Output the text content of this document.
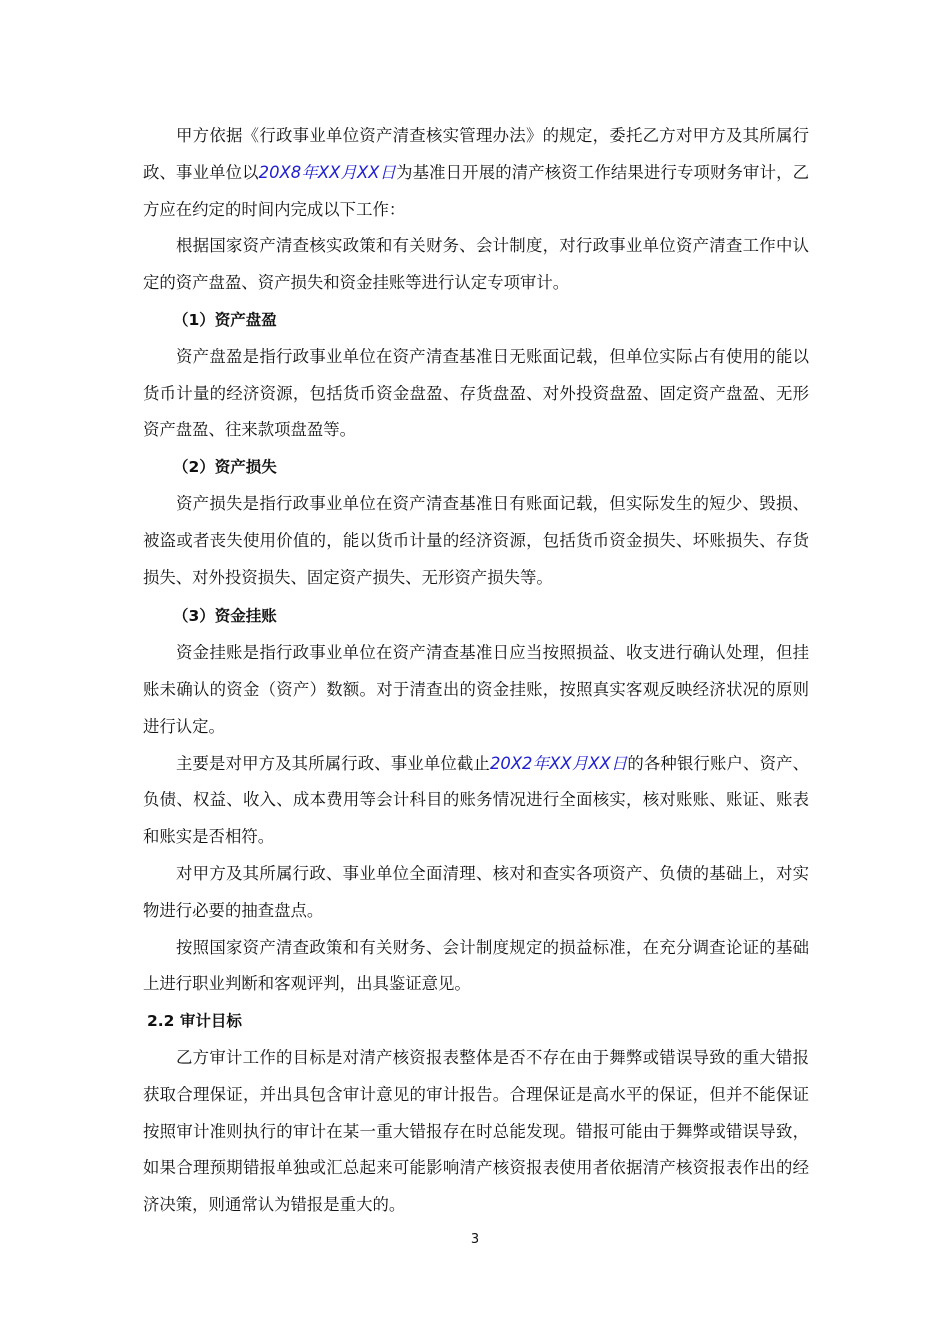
甲方依据《行政事业单位资产清查核实管理办法》的规定，委托乙方对甲方及其所属行政、事业单位以20X8年XX月XX日为基准日开展的清产核资工作结果进行专项财务审计，乙方应在约定的时间内完成以下工作：

根据国家资产清查核实政策和有关财务、会计制度，对行政事业单位资产清查工作中认定的资产盘盈、资产损失和资金挂账等进行认定专项审计。

（1）资产盘盈

资产盘盈是指行政事业单位在资产清查基准日无账面记载，但单位实际占有使用的能以货币计量的经济资源，包括货币资金盘盈、存货盘盈、对外投资盘盈、固定资产盘盈、无形资产盘盈、往来款项盘盈等。

（2）资产损失

资产损失是指行政事业单位在资产清查基准日有账面记载，但实际发生的短少、毁损、被盗或者丧失使用价值的，能以货币计量的经济资源，包括货币资金损失、坏账损失、存货损失、对外投资损失、固定资产损失、无形资产损失等。

（3）资金挂账

资金挂账是指行政事业单位在资产清查基准日应当按照损益、收支进行确认处理，但挂账未确认的资金（资产）数额。对于清查出的资金挂账，按照真实客观反映经济状况的原则进行认定。

主要是对甲方及其所属行政、事业单位截止20X2年XX月XX日的各种银行账户、资产、负债、权益、收入、成本费用等会计科目的账务情况进行全面核实，核对账账、账证、账表和账实是否相符。

对甲方及其所属行政、事业单位全面清理、核对和查实各项资产、负债的基础上，对实物进行必要的抽查盘点。

按照国家资产清查政策和有关财务、会计制度规定的损益标准，在充分调查论证的基础上进行职业判断和客观评判，出具鉴证意见。

2.2 审计目标

乙方审计工作的目标是对清产核资报表整体是否不存在由于舞弊或错误导致的重大错报获取合理保证，并出具包含审计意见的审计报告。合理保证是高水平的保证，但并不能保证按照审计准则执行的审计在某一重大错报存在时总能发现。错报可能由于舞弊或错误导致，如果合理预期错报单独或汇总起来可能影响清产核资报表使用者依据清产核资报表作出的经济决策，则通常认为错报是重大的。

3
